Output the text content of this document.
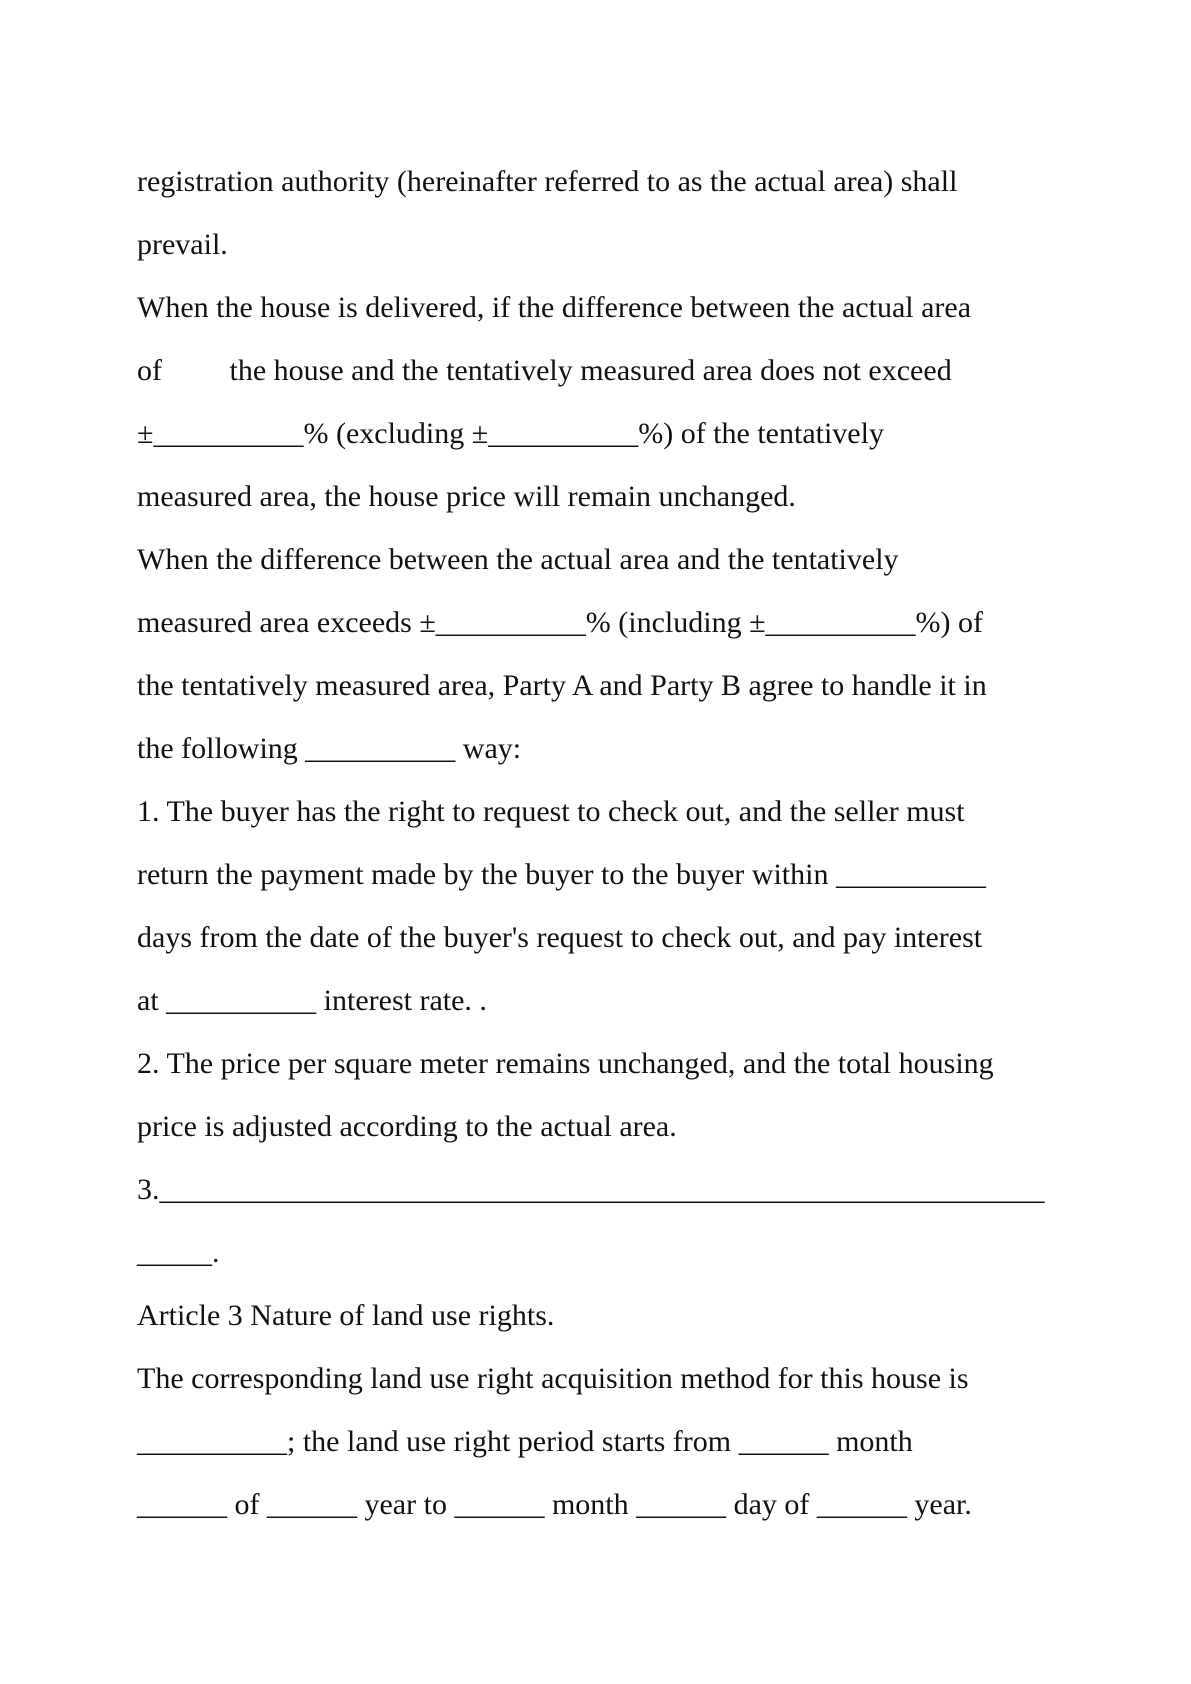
registration authority (hereinafter referred to as the actual area) shall
prevail.
When the house is delivered, if the difference between the actual area
of         the house and the tentatively measured area does not exceed
±__________% (excluding ±__________%) of the tentatively
measured area, the house price will remain unchanged.
When the difference between the actual area and the tentatively
measured area exceeds ±__________% (including ±__________%) of
the tentatively measured area, Party A and Party B agree to handle it in
the following __________ way:
1. The buyer has the right to request to check out, and the seller must
return the payment made by the buyer to the buyer within __________
days from the date of the buyer's request to check out, and pay interest
at __________ interest rate. .
2. The price per square meter remains unchanged, and the total housing
price is adjusted according to the actual area.
3.___________________________________________________________
_____.
Article 3 Nature of land use rights.
The corresponding land use right acquisition method for this house is
__________; the land use right period starts from ______ month
______ of ______ year to ______ month ______ day of ______ year.
